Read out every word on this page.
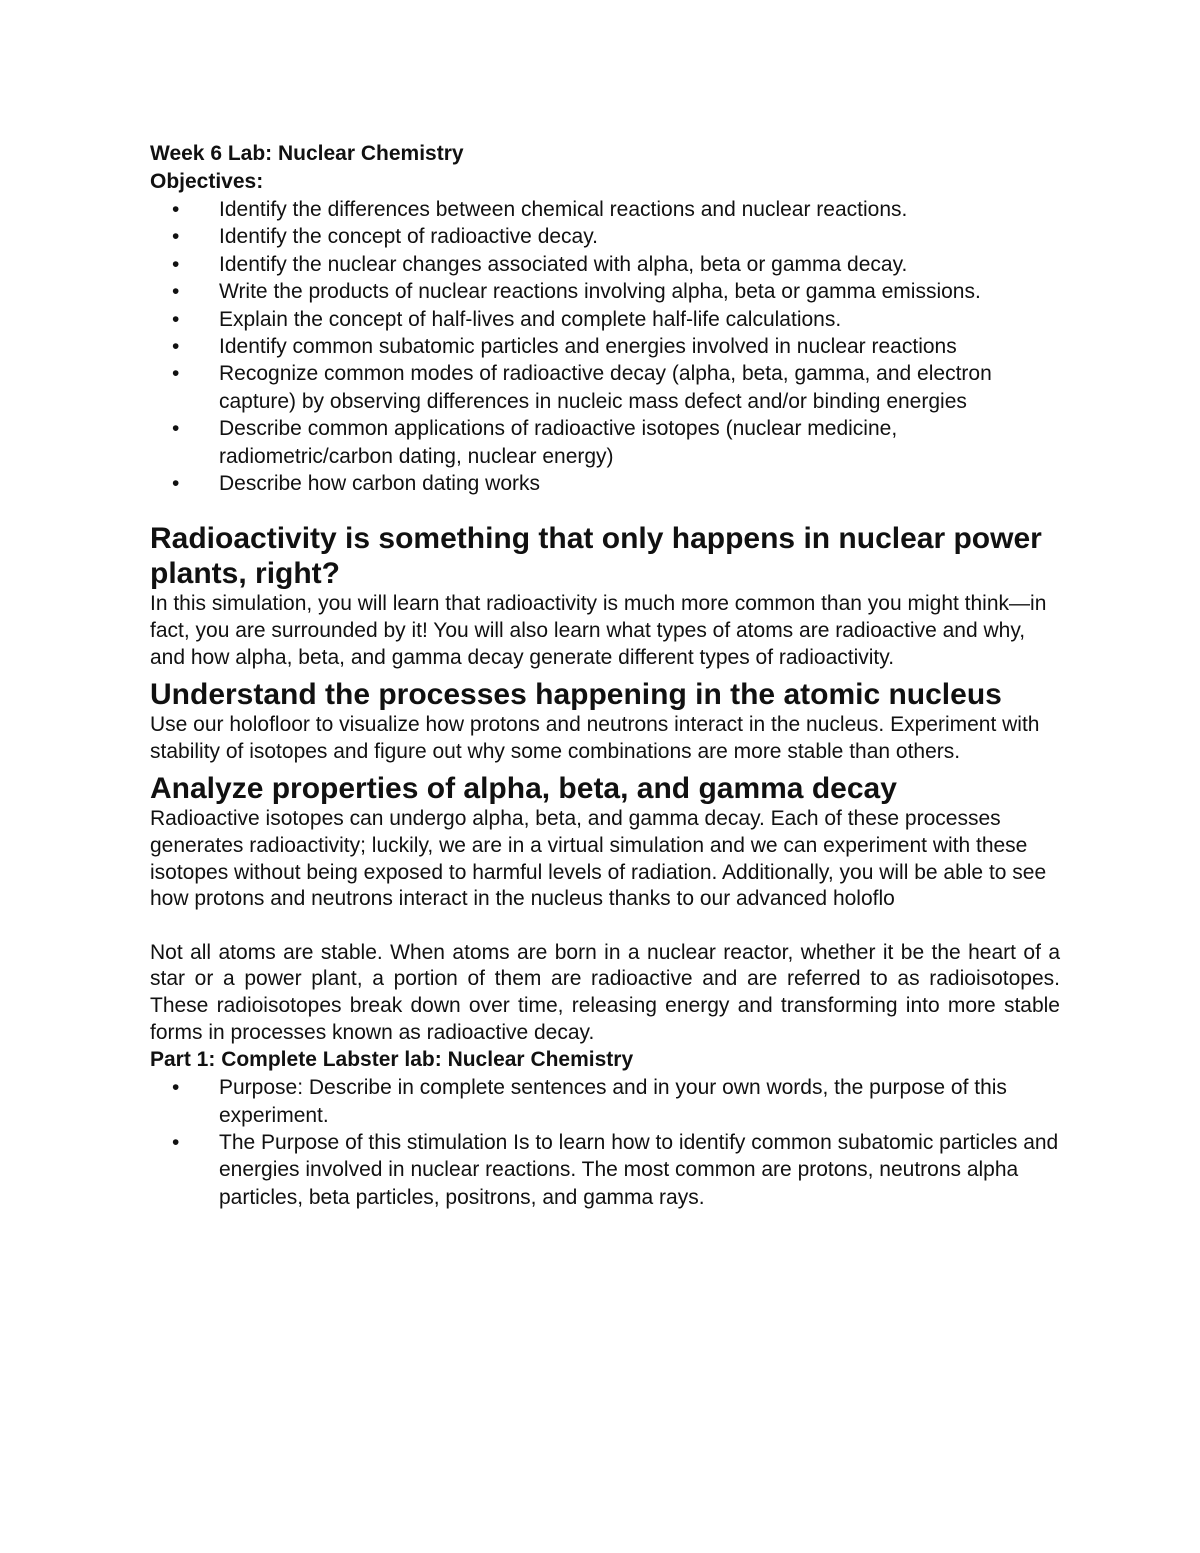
Week 6 Lab: Nuclear Chemistry

Objectives:

• Identify the differences between chemical reactions and nuclear reactions.
• Identify the concept of radioactive decay.
• Identify the nuclear changes associated with alpha, beta or gamma decay.
• Write the products of nuclear reactions involving alpha, beta or gamma emissions.
• Explain the concept of half-lives and complete half-life calculations.
• Identify common subatomic particles and energies involved in nuclear reactions
• Recognize common modes of radioactive decay (alpha, beta, gamma, and electron capture) by observing differences in nucleic mass defect and/or binding energies
• Describe common applications of radioactive isotopes (nuclear medicine, radiometric/carbon dating, nuclear energy)
• Describe how carbon dating works
Radioactivity is something that only happens in nuclear power plants, right?

In this simulation, you will learn that radioactivity is much more common than you might think—in fact, you are surrounded by it! You will also learn what types of atoms are radioactive and why, and how alpha, beta, and gamma decay generate different types of radioactivity.

Understand the processes happening in the atomic nucleus

Use our holofloor to visualize how protons and neutrons interact in the nucleus. Experiment with stability of isotopes and figure out why some combinations are more stable than others.

Analyze properties of alpha, beta, and gamma decay

Radioactive isotopes can undergo alpha, beta, and gamma decay. Each of these processes generates radioactivity; luckily, we are in a virtual simulation and we can experiment with these isotopes without being exposed to harmful levels of radiation. Additionally, you will be able to see how protons and neutrons interact in the nucleus thanks to our advanced holoflo

Not all atoms are stable. When atoms are born in a nuclear reactor, whether it be the heart of a star or a power plant, a portion of them are radioactive and are referred to as radioisotopes. These radioisotopes break down over time, releasing energy and transforming into more stable forms in processes known as radioactive decay.

Part 1: Complete Labster lab: Nuclear Chemistry

• Purpose: Describe in complete sentences and in your own words, the purpose of this experiment.
• The Purpose of this stimulation Is to learn how to identify common subatomic particles and energies involved in nuclear reactions. The most common are protons, neutrons alpha particles, beta particles, positrons, and gamma rays.
